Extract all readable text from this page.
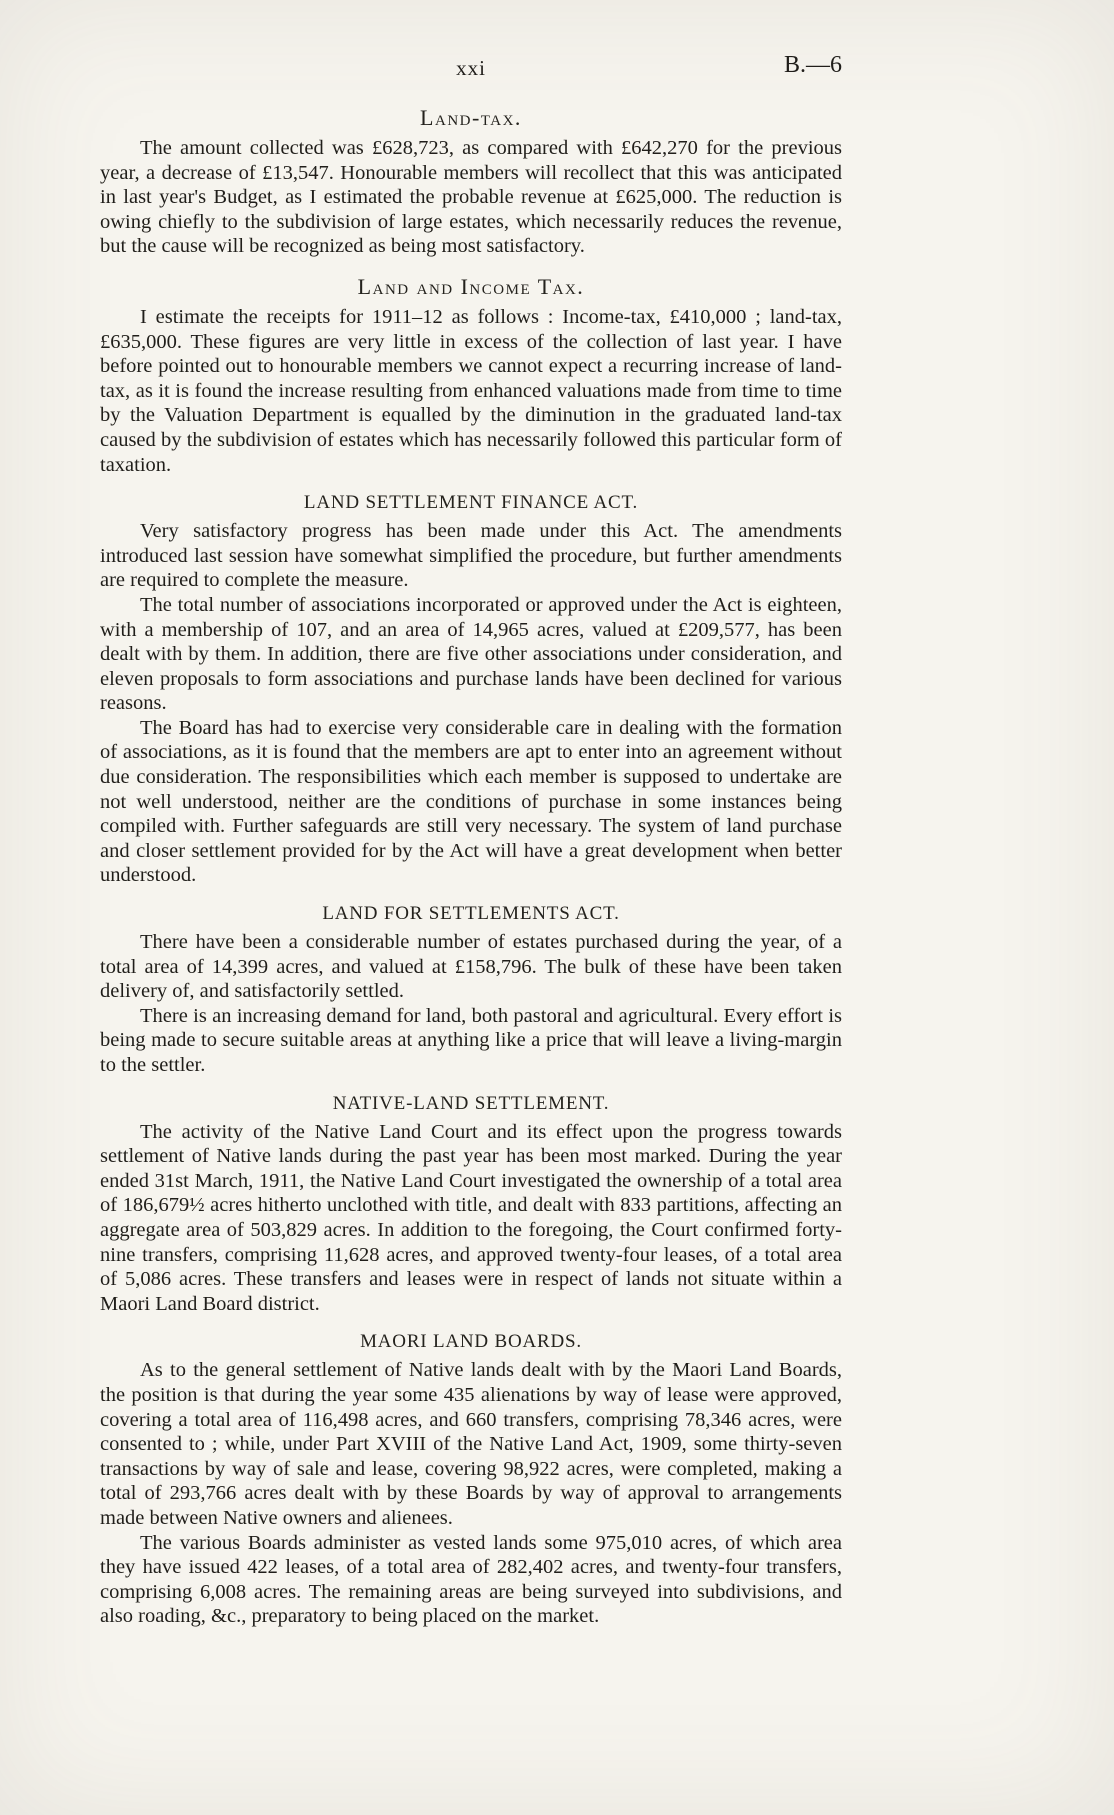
xxi	B.—6
Land-tax.

The amount collected was £628,723, as compared with £642,270 for the previous year, a decrease of £13,547. Honourable members will recollect that this was anticipated in last year's Budget, as I estimated the probable revenue at £625,000. The reduction is owing chiefly to the subdivision of large estates, which necessarily reduces the revenue, but the cause will be recognized as being most satisfactory.

Land and Income Tax.

I estimate the receipts for 1911–12 as follows : Income-tax, £410,000 ; land-tax, £635,000. These figures are very little in excess of the collection of last year. I have before pointed out to honourable members we cannot expect a recurring increase of land-tax, as it is found the increase resulting from enhanced valuations made from time to time by the Valuation Department is equalled by the diminution in the graduated land-tax caused by the subdivision of estates which has necessarily followed this particular form of taxation.

LAND SETTLEMENT FINANCE ACT.

Very satisfactory progress has been made under this Act. The amendments introduced last session have somewhat simplified the procedure, but further amendments are required to complete the measure.

The total number of associations incorporated or approved under the Act is eighteen, with a membership of 107, and an area of 14,965 acres, valued at £209,577, has been dealt with by them. In addition, there are five other associations under consideration, and eleven proposals to form associations and purchase lands have been declined for various reasons.

The Board has had to exercise very considerable care in dealing with the formation of associations, as it is found that the members are apt to enter into an agreement without due consideration. The responsibilities which each member is supposed to undertake are not well understood, neither are the conditions of purchase in some instances being compiled with. Further safeguards are still very necessary. The system of land purchase and closer settlement provided for by the Act will have a great development when better understood.

LAND FOR SETTLEMENTS ACT.

There have been a considerable number of estates purchased during the year, of a total area of 14,399 acres, and valued at £158,796. The bulk of these have been taken delivery of, and satisfactorily settled.

There is an increasing demand for land, both pastoral and agricultural. Every effort is being made to secure suitable areas at anything like a price that will leave a living-margin to the settler.

NATIVE-LAND SETTLEMENT.

The activity of the Native Land Court and its effect upon the progress towards settlement of Native lands during the past year has been most marked. During the year ended 31st March, 1911, the Native Land Court investigated the ownership of a total area of 186,679½ acres hitherto unclothed with title, and dealt with 833 partitions, affecting an aggregate area of 503,829 acres. In addition to the foregoing, the Court confirmed forty-nine transfers, comprising 11,628 acres, and approved twenty-four leases, of a total area of 5,086 acres. These transfers and leases were in respect of lands not situate within a Maori Land Board district.

MAORI LAND BOARDS.

As to the general settlement of Native lands dealt with by the Maori Land Boards, the position is that during the year some 435 alienations by way of lease were approved, covering a total area of 116,498 acres, and 660 transfers, comprising 78,346 acres, were consented to ; while, under Part XVIII of the Native Land Act, 1909, some thirty-seven transactions by way of sale and lease, covering 98,922 acres, were completed, making a total of 293,766 acres dealt with by these Boards by way of approval to arrangements made between Native owners and alienees.

The various Boards administer as vested lands some 975,010 acres, of which area they have issued 422 leases, of a total area of 282,402 acres, and twenty-four transfers, comprising 6,008 acres. The remaining areas are being surveyed into subdivisions, and also roading, &c., preparatory to being placed on the market.
